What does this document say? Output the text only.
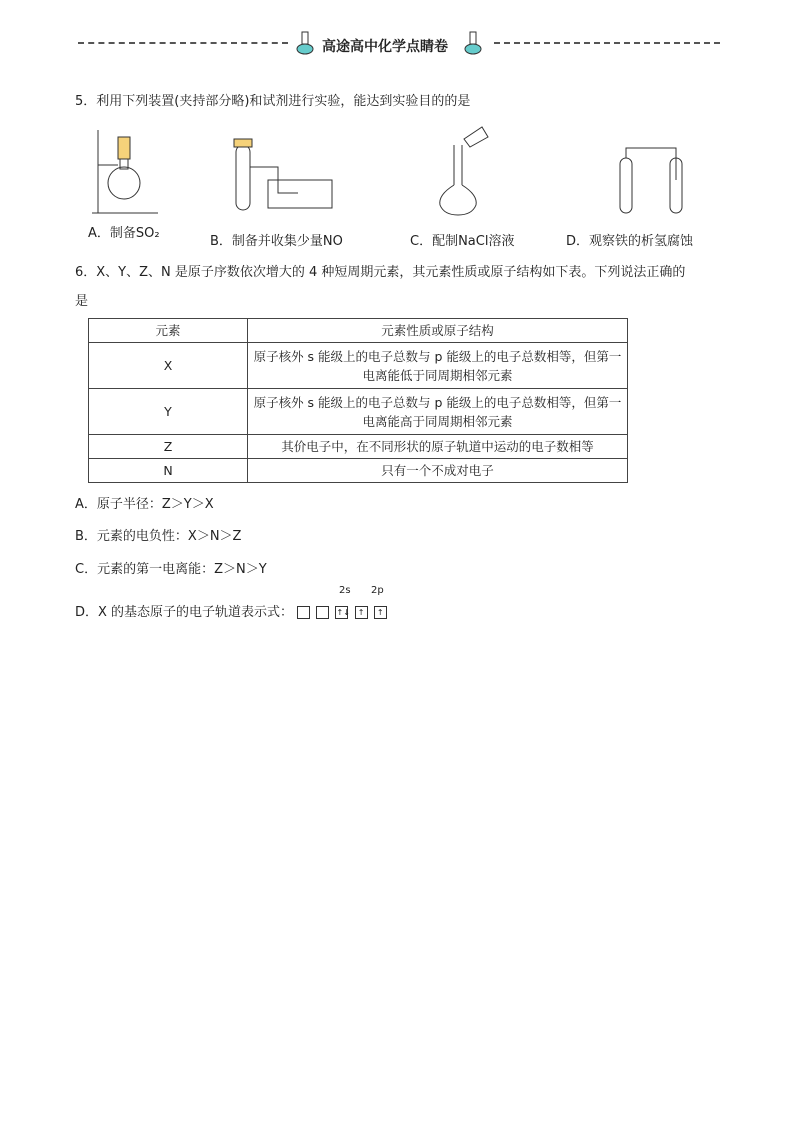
高途高中化学点睛卷
5．利用下列装置(夹持部分略)和试剂进行实验，能达到实验目的的是
A．制备SO₂
B．制备并收集少量NO	C．配制NaCl溶液	D．观察铁的析氢腐蚀
6．X、Y、Z、N 是原子序数依次增大的 4 种短周期元素，其元素性质或原子结构如下表。下列说法正确的
是
元素	元素性质或原子结构
X	原子核外 s 能级上的电子总数与 p 能级上的电子总数相等，但第一电离能低于同周期相邻元素
Y	原子核外 s 能级上的电子总数与 p 能级上的电子总数相等，但第一电离能高于同周期相邻元素
Z	其价电子中，在不同形状的原子轨道中运动的电子数相等
N	只有一个不成对电子
A．原子半径：Z＞Y＞X
B．元素的电负性：X＞N＞Z
C．元素的第一电离能：Z＞N＞Y
D．X 的基态原子的电子轨道表示式：	↑↓ ↑ ↑
2s 2p
